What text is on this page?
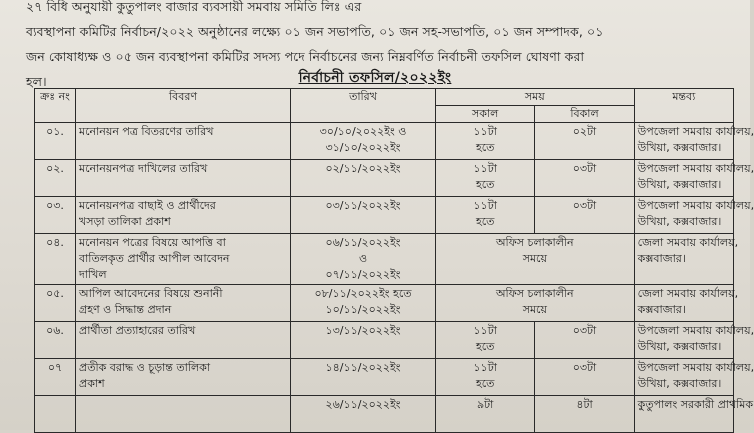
২৭ বিধি অনুযায়ী কুতুপালং বাজার ব্যবসায়ী সমবায় সমিতি লিঃ এর
ব্যবস্থাপনা কমিটির নির্বাচন/২০২২ অনুষ্ঠানের লক্ষ্যে ০১ জন সভাপতি, ০১ জন সহ-সভাপতি, ০১ জন সম্পাদক, ০১
জন কোষাধ্যক্ষ ও ০৫ জন ব্যবস্থাপনা কমিটির সদস্য পদে নির্বাচনের জন্য নিম্নবর্ণিত নির্বাচনী তফসিল ঘোষণা করা
হল।	নির্বাচনী তফসিল/২০২২ইং
ক্রঃ নং	বিবরণ	তারিখ	সময়		মন্তব্য
			সকাল	বিকাল	

০১.	মনোনয়ন পত্র বিতরণের তারিখ	৩০/১০/২০২২ইং ও
৩১/১০/২০২২ইং	১১টা
হতে	০২টা	উপজেলা সমবায় কার্যালয়,
উখিয়া, কক্সবাজার।

০২.	মনোনয়নপত্র দাখিলের তারিখ	০২/১১/২০২২ইং	১১টা
হতে	০৩টা	উপজেলা সমবায় কার্যালয়,
উখিয়া, কক্সবাজার।

০৩.	মনোনয়নপত্র বাছাই ও প্রার্থীদের
খসড়া তালিকা প্রকাশ	০৩/১১/২০২২ইং	১১টা
হতে	০৩টা	উপজেলা সমবায় কার্যালয়,
উখিয়া, কক্সবাজার।

০৪.	মনোনয়ন পত্রের বিষয়ে আপত্তি বা
বাতিলকৃত প্রার্থীর আপীল আবেদন
দাখিল	০৬/১১/২০২২ইং
ও
০৭/১১/২০২২ইং	অফিস চলাকালীন
সময়ে		জেলা সমবায় কার্যালয়,
কক্সবাজার।

০৫.	আপিল আবেদনের বিষয়ে শুনানী
গ্রহণ ও সিদ্ধান্ত প্রদান	০৮/১১/২০২২ইং হতে
১০/১১/২০২২ইং	অফিস চলাকালীন
সময়ে		জেলা সমবায় কার্যালয়,
কক্সবাজার।

০৬.	প্রার্থীতা প্রত্যাহারের তারিখ	১৩/১১/২০২২ইং	১১টা
হতে	০৩টা	উপজেলা সমবায় কার্যালয়,
উখিয়া, কক্সবাজার।

০৭	প্রতীক বরাদ্ধ ও চূড়ান্ত তালিকা
প্রকাশ	১৪/১১/২০২২ইং	১১টা
হতে	০৩টা	উপজেলা সমবায় কার্যালয়,
উখিয়া, কক্সবাজার।

		২৬/১১/২০২২ইং	৯টা	৪টা	কুতুপালং সরকারী প্রাথমিক
